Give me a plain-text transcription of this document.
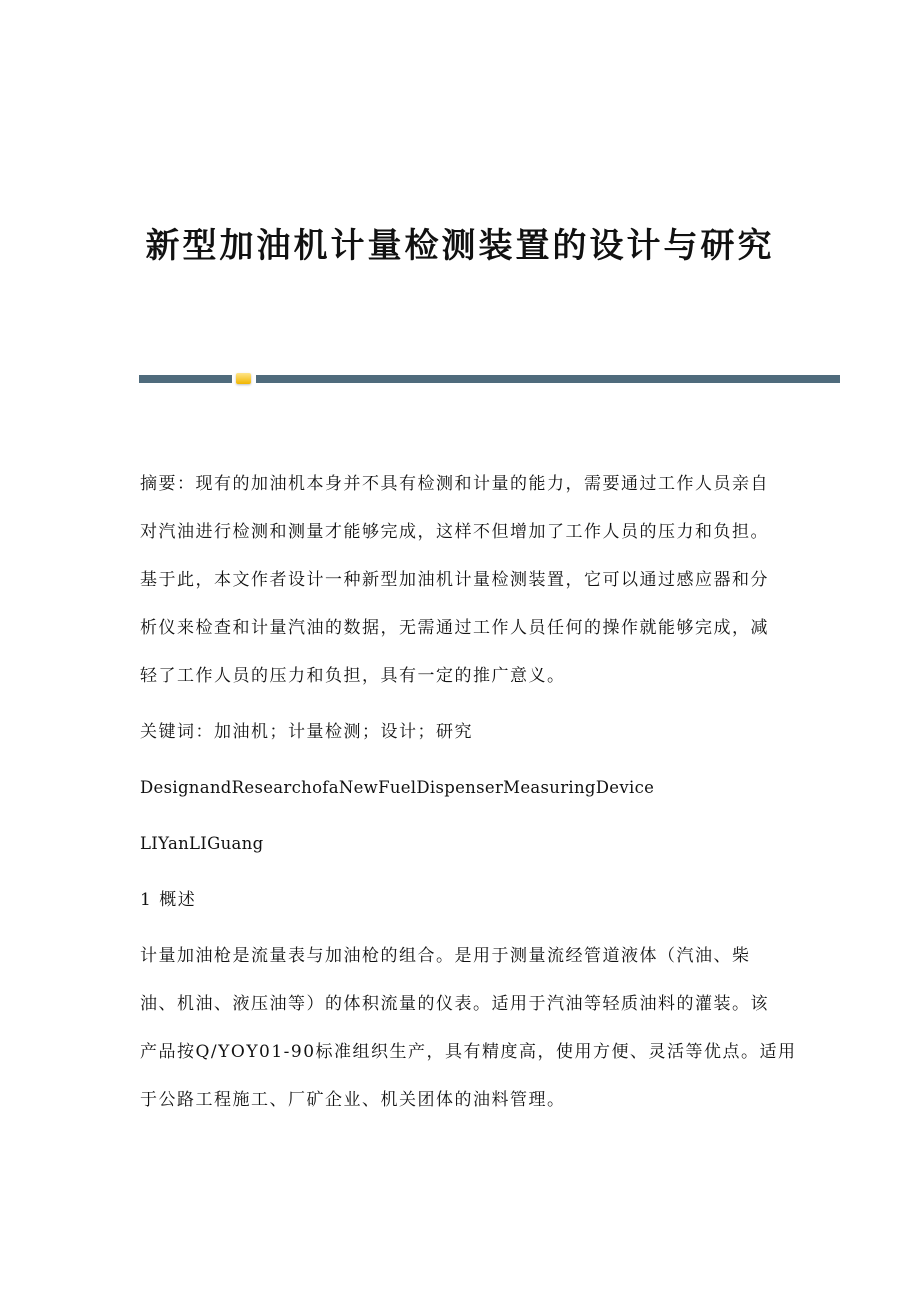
新型加油机计量检测装置的设计与研究
摘要：现有的加油机本身并不具有检测和计量的能力，需要通过工作人员亲自
对汽油进行检测和测量才能够完成，这样不但增加了工作人员的压力和负担。
基于此，本文作者设计一种新型加油机计量检测装置，它可以通过感应器和分
析仪来检查和计量汽油的数据，无需通过工作人员任何的操作就能够完成，减
轻了工作人员的压力和负担，具有一定的推广意义。
关键词：加油机；计量检测；设计；研究
DesignandResearchofaNewFuelDispenserMeasuringDevice
LIYanLIGuang
1 概述
计量加油枪是流量表与加油枪的组合。是用于测量流经管道液体（汽油、柴
油、机油、液压油等）的体积流量的仪表。适用于汽油等轻质油料的灌装。该
产品按Q/YOY01-90标准组织生产，具有精度高，使用方便、灵活等优点。适用
于公路工程施工、厂矿企业、机关团体的油料管理。
